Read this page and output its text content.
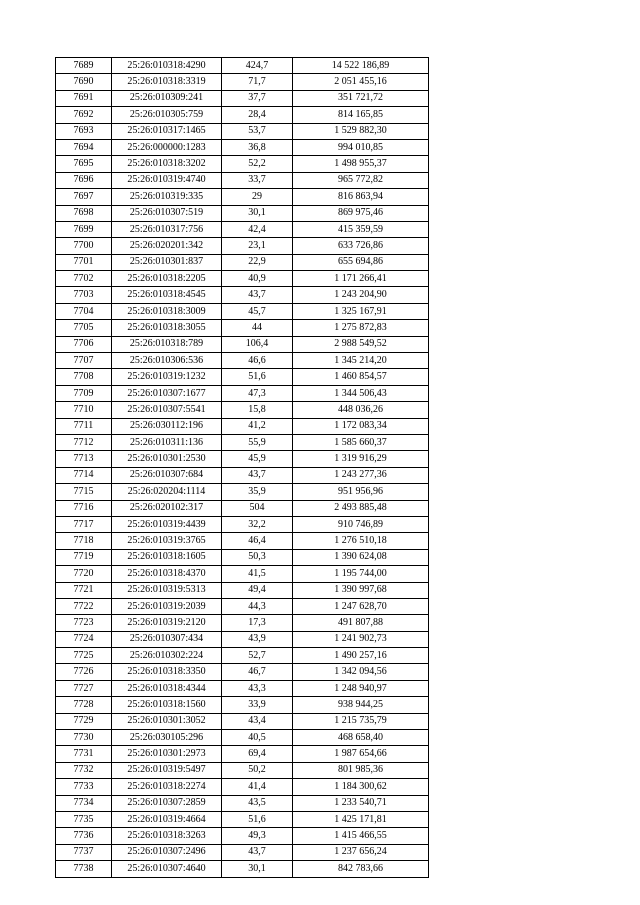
7689	25:26:010318:4290	424,7	14 522 186,89
7690	25:26:010318:3319	71,7	2 051 455,16
7691	25:26:010309:241	37,7	351 721,72
7692	25:26:010305:759	28,4	814 165,85
7693	25:26:010317:1465	53,7	1 529 882,30
7694	25:26:000000:1283	36,8	994 010,85
7695	25:26:010318:3202	52,2	1 498 955,37
7696	25:26:010319:4740	33,7	965 772,82
7697	25:26:010319:335	29	816 863,94
7698	25:26:010307:519	30,1	869 975,46
7699	25:26:010317:756	42,4	415 359,59
7700	25:26:020201:342	23,1	633 726,86
7701	25:26:010301:837	22,9	655 694,86
7702	25:26:010318:2205	40,9	1 171 266,41
7703	25:26:010318:4545	43,7	1 243 204,90
7704	25:26:010318:3009	45,7	1 325 167,91
7705	25:26:010318:3055	44	1 275 872,83
7706	25:26:010318:789	106,4	2 988 549,52
7707	25:26:010306:536	46,6	1 345 214,20
7708	25:26:010319:1232	51,6	1 460 854,57
7709	25:26:010307:1677	47,3	1 344 506,43
7710	25:26:010307:5541	15,8	448 036,26
7711	25:26:030112:196	41,2	1 172 083,34
7712	25:26:010311:136	55,9	1 585 660,37
7713	25:26:010301:2530	45,9	1 319 916,29
7714	25:26:010307:684	43,7	1 243 277,36
7715	25:26:020204:1114	35,9	951 956,96
7716	25:26:020102:317	504	2 493 885,48
7717	25:26:010319:4439	32,2	910 746,89
7718	25:26:010319:3765	46,4	1 276 510,18
7719	25:26:010318:1605	50,3	1 390 624,08
7720	25:26:010318:4370	41,5	1 195 744,00
7721	25:26:010319:5313	49,4	1 390 997,68
7722	25:26:010319:2039	44,3	1 247 628,70
7723	25:26:010319:2120	17,3	491 807,88
7724	25:26:010307:434	43,9	1 241 902,73
7725	25:26:010302:224	52,7	1 490 257,16
7726	25:26:010318:3350	46,7	1 342 094,56
7727	25:26:010318:4344	43,3	1 248 940,97
7728	25:26:010318:1560	33,9	938 944,25
7729	25:26:010301:3052	43,4	1 215 735,79
7730	25:26:030105:296	40,5	468 658,40
7731	25:26:010301:2973	69,4	1 987 654,66
7732	25:26:010319:5497	50,2	801 985,36
7733	25:26:010318:2274	41,4	1 184 300,62
7734	25:26:010307:2859	43,5	1 233 540,71
7735	25:26:010319:4664	51,6	1 425 171,81
7736	25:26:010318:3263	49,3	1 415 466,55
7737	25:26:010307:2496	43,7	1 237 656,24
7738	25:26:010307:4640	30,1	842 783,66
